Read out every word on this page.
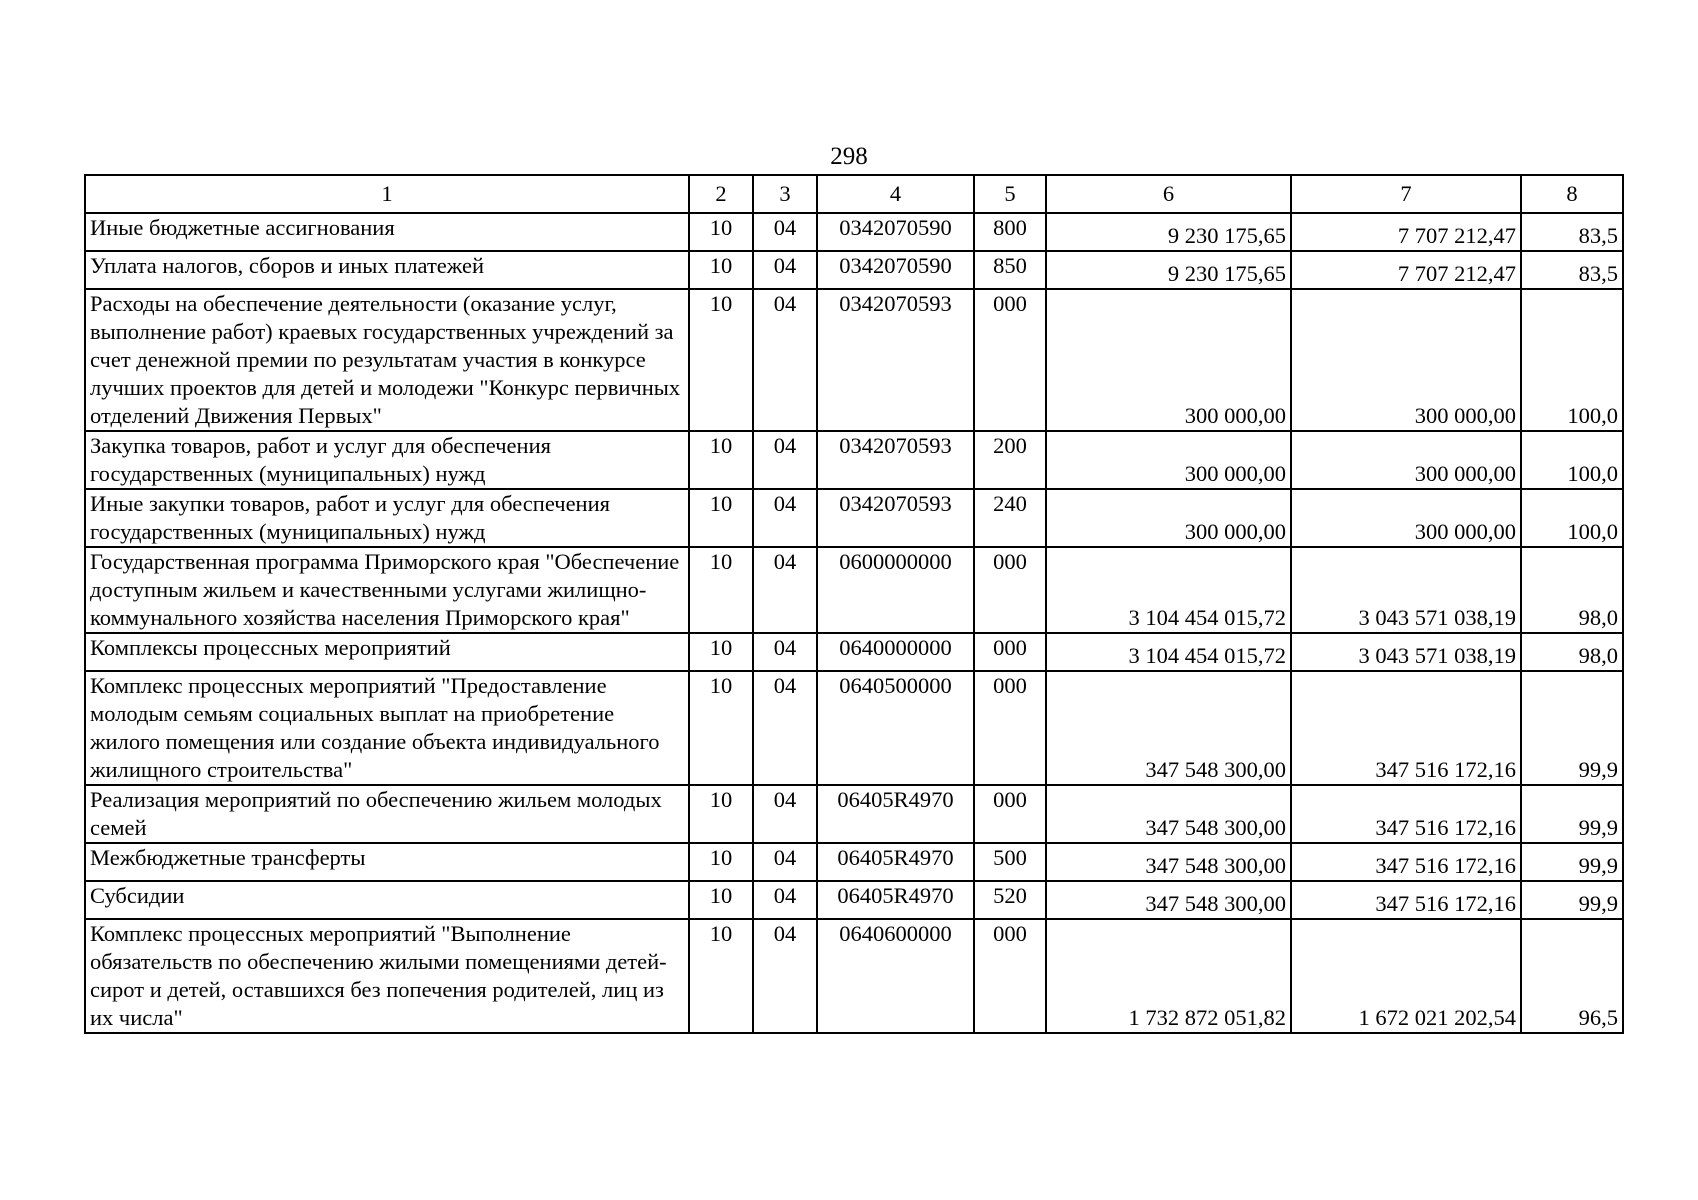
298
1	2	3	4	5	6	7	8
Иные бюджетные ассигнования	10	04	0342070590	800	9 230 175,65	7 707 212,47	83,5
Уплата налогов, сборов и иных платежей	10	04	0342070590	850	9 230 175,65	7 707 212,47	83,5
Расходы на обеспечение деятельности (оказание услуг, выполнение работ) краевых государственных учреждений за счет денежной премии по результатам участия в конкурсе лучших проектов для детей и молодежи "Конкурс первичных отделений Движения Первых"	10	04	0342070593	000	300 000,00	300 000,00	100,0
Закупка товаров, работ и услуг для обеспечения государственных (муниципальных) нужд	10	04	0342070593	200	300 000,00	300 000,00	100,0
Иные закупки товаров, работ и услуг для обеспечения государственных (муниципальных) нужд	10	04	0342070593	240	300 000,00	300 000,00	100,0
Государственная программа Приморского края "Обеспечение доступным жильем и качественными услугами жилищно-коммунального хозяйства населения Приморского края"	10	04	0600000000	000	3 104 454 015,72	3 043 571 038,19	98,0
Комплексы процессных мероприятий	10	04	0640000000	000	3 104 454 015,72	3 043 571 038,19	98,0
Комплекс процессных мероприятий "Предоставление молодым семьям социальных выплат на приобретение жилого помещения или создание объекта индивидуального жилищного строительства"	10	04	0640500000	000	347 548 300,00	347 516 172,16	99,9
Реализация мероприятий по обеспечению жильем молодых семей	10	04	06405R4970	000	347 548 300,00	347 516 172,16	99,9
Межбюджетные трансферты	10	04	06405R4970	500	347 548 300,00	347 516 172,16	99,9
Субсидии	10	04	06405R4970	520	347 548 300,00	347 516 172,16	99,9
Комплекс процессных мероприятий "Выполнение обязательств по обеспечению жилыми помещениями детей-сирот и детей, оставшихся без попечения родителей, лиц из их числа"	10	04	0640600000	000	1 732 872 051,82	1 672 021 202,54	96,5
